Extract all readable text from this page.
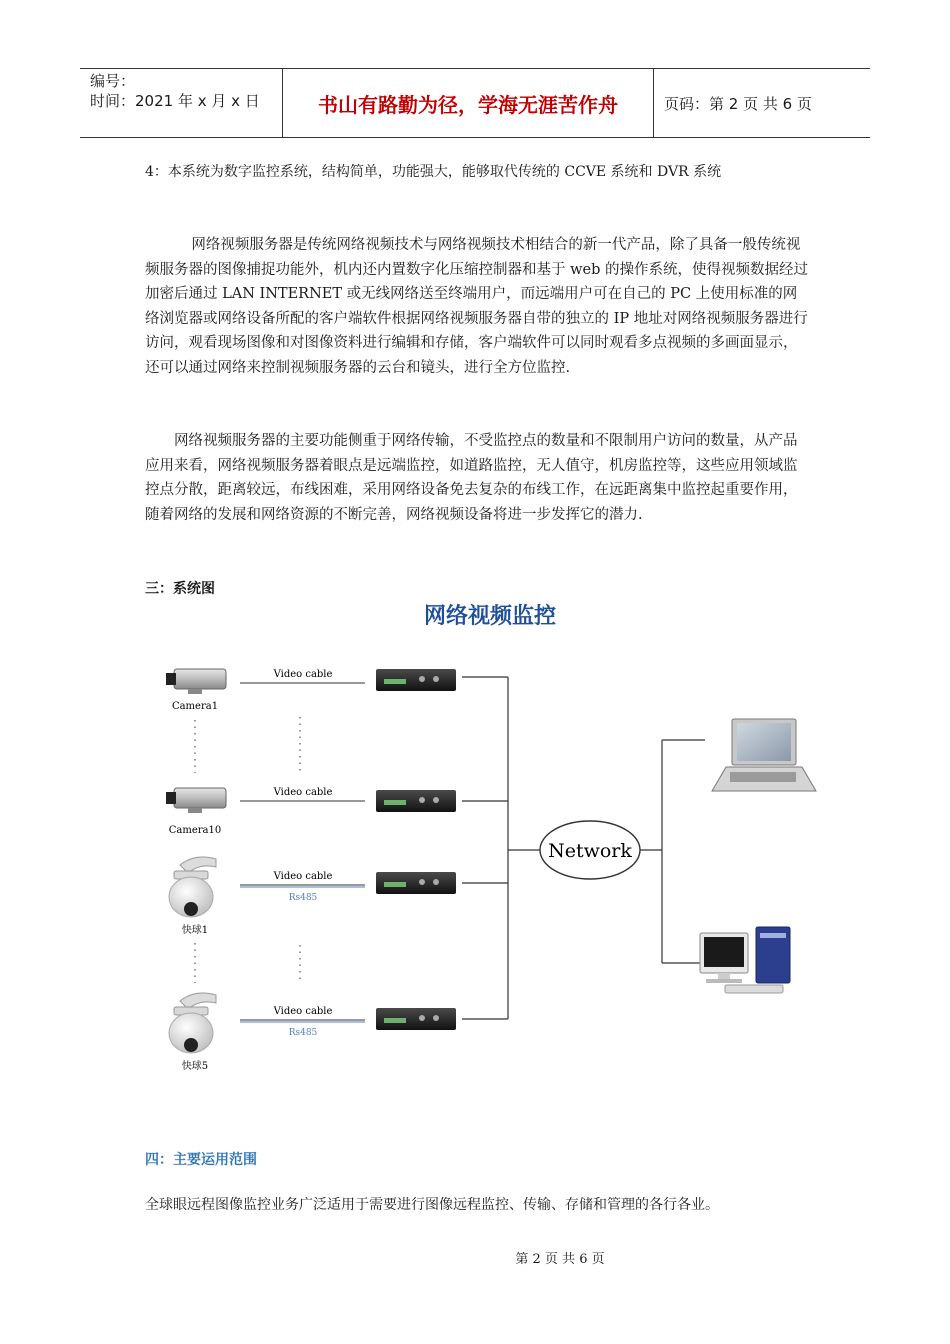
编号：
时间：2021 年 x 月 x 日	书山有路勤为径，学海无涯苦作舟	页码：第 2 页 共 6 页

4：本系统为数字监控系统，结构简单，功能强大，能够取代传统的 CCVE 系统和 DVR 系统

网络视频服务器是传统网络视频技术与网络视频技术相结合的新一代产品，除了具备一般传统视频服务器的图像捕捉功能外，机内还内置数字化压缩控制器和基于 web 的操作系统，使得视频数据经过加密后通过 LAN INTERNET 或无线网络送至终端用户，而远端用户可在自己的 PC 上使用标准的网络浏览器或网络设备所配的客户端软件根据网络视频服务器自带的独立的 IP 地址对网络视频服务器进行访问，观看现场图像和对图像资料进行编辑和存储，客户端软件可以同时观看多点视频的多画面显示，还可以通过网络来控制视频服务器的云台和镜头，进行全方位监控.

网络视频服务器的主要功能侧重于网络传输，不受监控点的数量和不限制用户访问的数量，从产品应用来看，网络视频服务器着眼点是远端监控，如道路监控，无人值守，机房监控等，这些应用领域监控点分散，距离较远，布线困难，采用网络设备免去复杂的布线工作，在远距离集中监控起重要作用，随着网络的发展和网络资源的不断完善，网络视频设备将进一步发挥它的潜力.

三：系统图
网络视频监控
Camera1
Camera10
快球1
快球5
Video cable
Video cable
Video cable
Rs485
Video cable
Rs485
Network
四：主要运用范围

全球眼远程图像监控业务广泛适用于需要进行图像远程监控、传输、存储和管理的各行各业。

第 2 页 共 6 页
